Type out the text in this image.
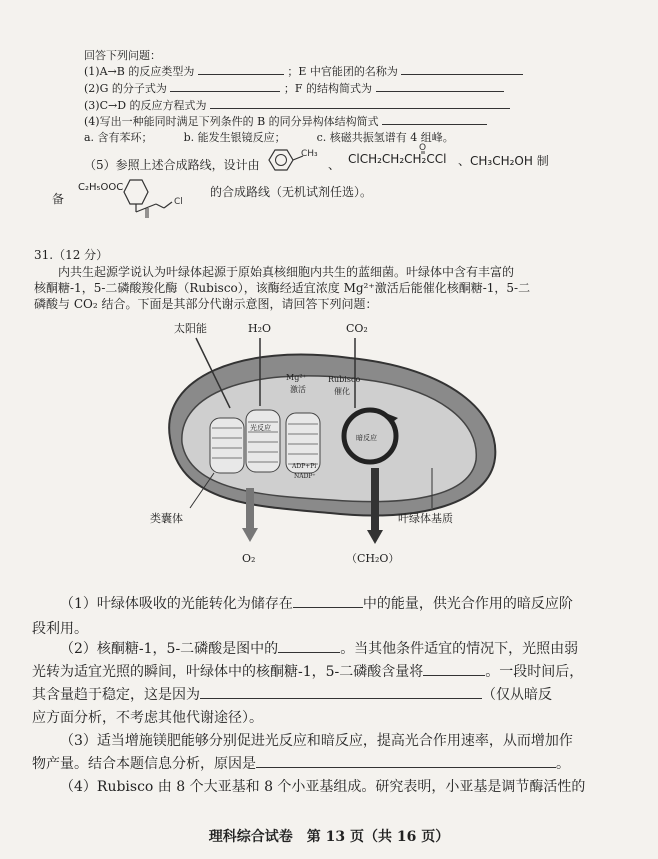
回答下列问题：
(1)A→B 的反应类型为	；E 中官能团的名称为
(2)G 的分子式为	；F 的结构简式为
(3)C→D 的反应方程式为
(4)写出一种能同时满足下列条件的 B 的同分异构体结构简式
a. 含有苯环；	b. 能发生银镜反应；	c. 核磁共振氢谱有 4 组峰。
（5）参照上述合成路线，设计由
CH₃
、 ClCH₂CH₂CH₂CCl
O
、 CH₃CH₂OH 制
备
C₂H₅OOC
Cl
的合成路线（无机试剂任选）。
31.（12 分）
内共生起源学说认为叶绿体起源于原始真核细胞内共生的蓝细菌。叶绿体中含有丰富的
核酮糖-1，5-二磷酸羧化酶（Rubisco），该酶经适宜浓度 Mg²⁺激活后能催化核酮糖-1，5-二
磷酸与 CO₂ 结合。下面是其部分代谢示意图，请回答下列问题：
太阳能	H₂O	CO₂
Mg²⁺
激活
Rubisco
催化
光反应
暗反应
ADP+Pi
NADP⁺
类囊体	叶绿体基质
O₂	（CH₂O）
（1）叶绿体吸收的光能转化为储存在	中的能量，供光合作用的暗反应阶
段利用。
（2）核酮糖-1，5-二磷酸是图中的	。当其他条件适宜的情况下，光照由弱
光转为适宜光照的瞬间，叶绿体中的核酮糖-1，5-二磷酸含量将	。一段时间后，
其含量趋于稳定，这是因为	（仅从暗反
应方面分析，不考虑其他代谢途径）。
（3）适当增施镁肥能够分别促进光反应和暗反应，提高光合作用速率，从而增加作
物产量。结合本题信息分析，原因是	。
（4）Rubisco 由 8 个大亚基和 8 个小亚基组成。研究表明，小亚基是调节酶活性的
理科综合试卷　第 13 页（共 16 页）
